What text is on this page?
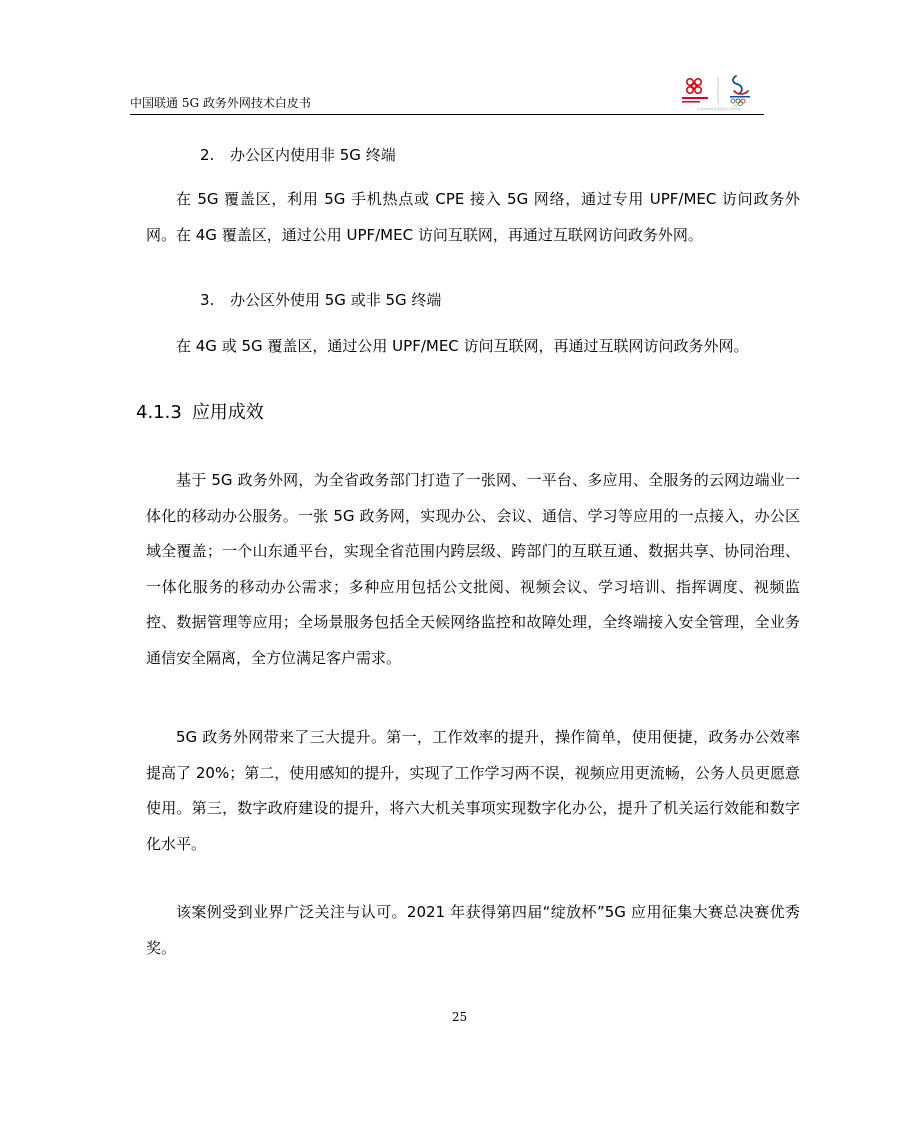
中国联通 5G 政务外网技术白皮书	北京2022年冬奥会官方合作伙伴
2. 办公区内使用非 5G 终端

在 5G 覆盖区，利用 5G 手机热点或 CPE 接入 5G 网络，通过专用 UPF/MEC 访问政务外网。在 4G 覆盖区，通过公用 UPF/MEC 访问互联网，再通过互联网访问政务外网。

3. 办公区外使用 5G 或非 5G 终端

在 4G 或 5G 覆盖区，通过公用 UPF/MEC 访问互联网，再通过互联网访问政务外网。

4.1.3 应用成效

基于 5G 政务外网，为全省政务部门打造了一张网、一平台、多应用、全服务的云网边端业一体化的移动办公服务。一张 5G 政务网，实现办公、会议、通信、学习等应用的一点接入，办公区域全覆盖；一个山东通平台，实现全省范围内跨层级、跨部门的互联互通、数据共享、协同治理、一体化服务的移动办公需求；多种应用包括公文批阅、视频会议、学习培训、指挥调度、视频监控、数据管理等应用；全场景服务包括全天候网络监控和故障处理，全终端接入安全管理，全业务通信安全隔离，全方位满足客户需求。

5G 政务外网带来了三大提升。第一，工作效率的提升，操作简单，使用便捷，政务办公效率提高了 20%；第二，使用感知的提升，实现了工作学习两不误，视频应用更流畅，公务人员更愿意使用。第三，数字政府建设的提升，将六大机关事项实现数字化办公，提升了机关运行效能和数字化水平。

该案例受到业界广泛关注与认可。2021 年获得第四届“绽放杯”5G 应用征集大赛总决赛优秀奖。

25
